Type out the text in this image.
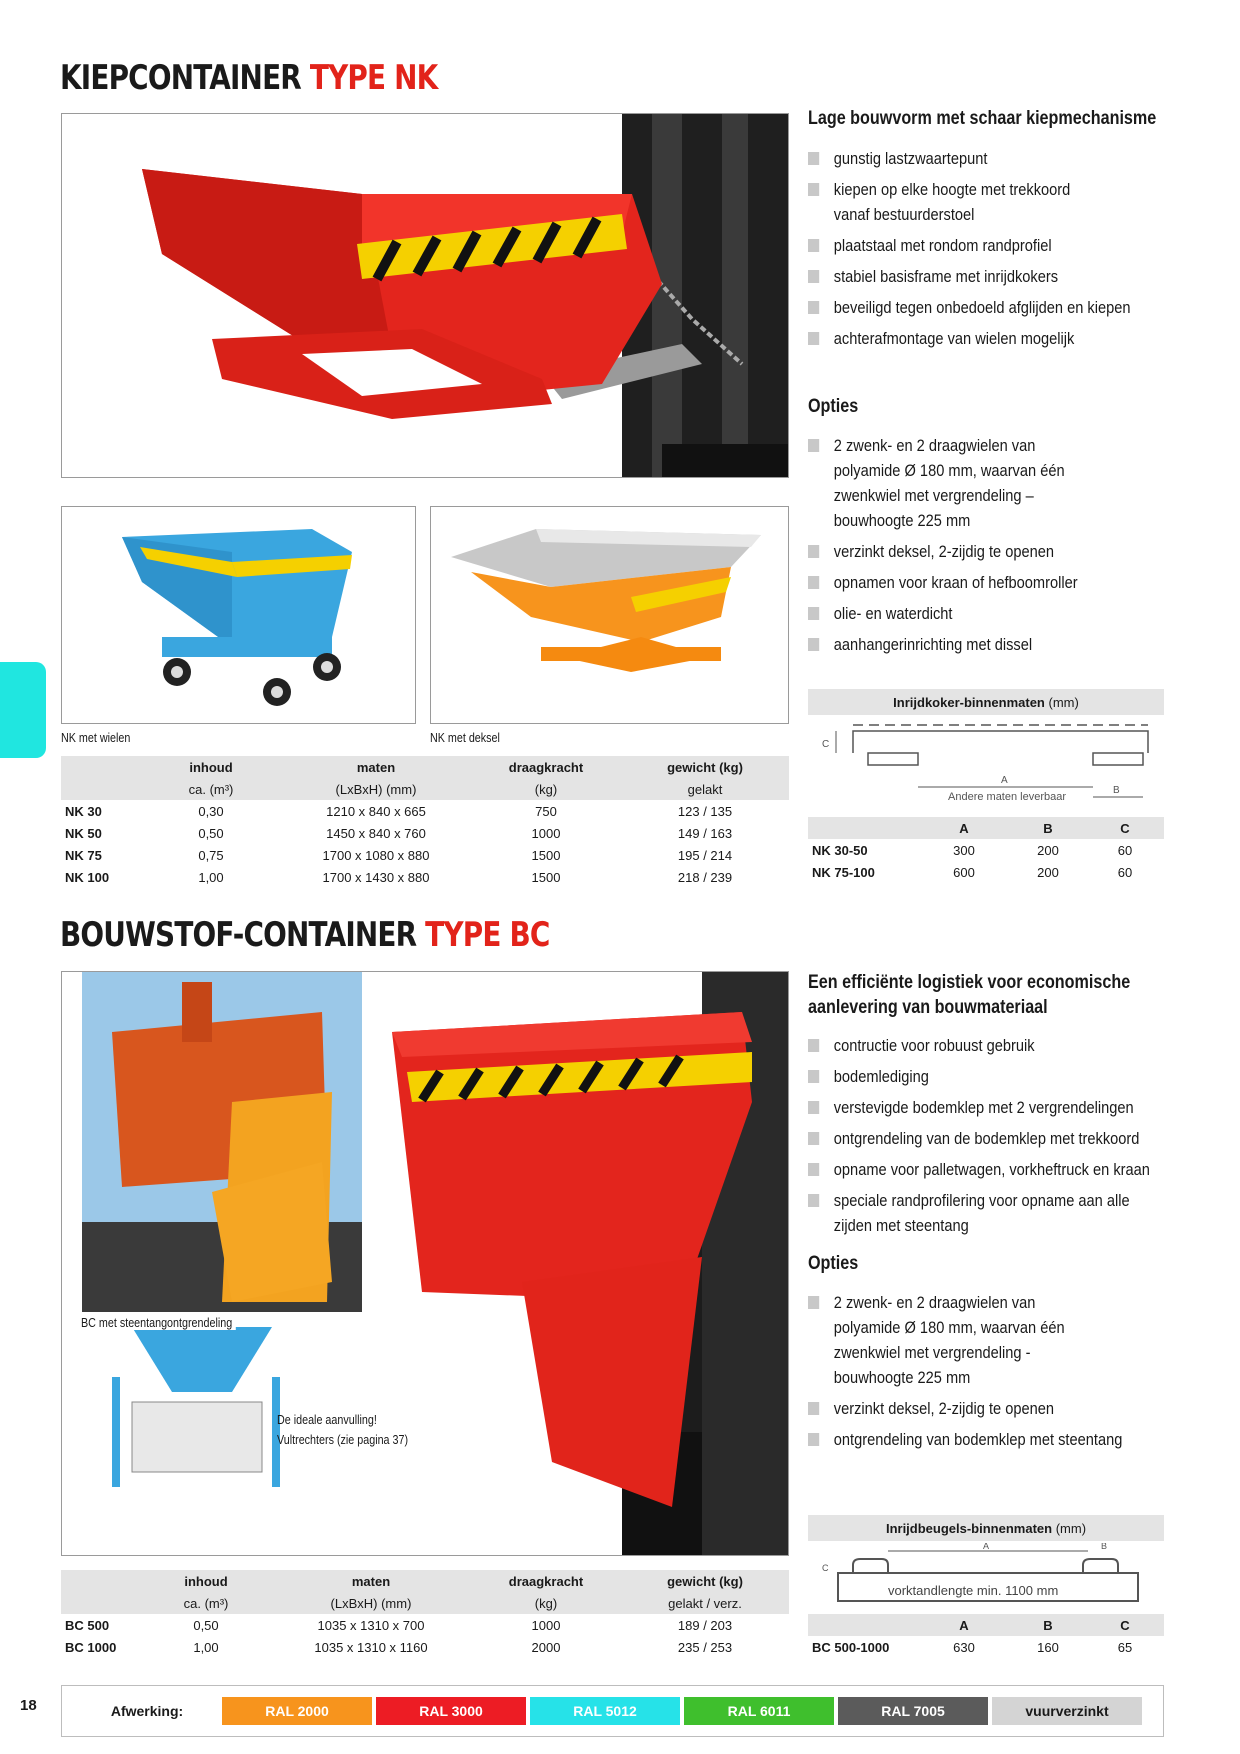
KIEPCONTAINER TYPE NK
NK met wielen	NK met deksel
	inhoud	maten	draagkracht	gewicht (kg)
	ca. (m³)	(LxBxH) (mm)	(kg)	gelakt
NK 30	0,30	1210 x 840 x 665	750	123 / 135
NK 50	0,50	1450 x 840 x 760	1000	149 / 163
NK 75	0,75	1700 x 1080 x 880	1500	195 / 214
NK 100	1,00	1700 x 1430 x 880	1500	218 / 239
Lage bouwvorm met schaar kiepmechanisme
gunstig lastzwaartepunt
kiepen op elke hoogte met trekkoord vanaf bestuurderstoel
plaatstaal met rondom randprofiel
stabiel basisframe met inrijdkokers
beveiligd tegen onbedoeld afglijden en kiepen
achterafmontage van wielen mogelijk
Opties
2 zwenk- en 2 draagwielen van polyamide Ø 180 mm, waarvan één zwenkwiel met vergrendeling – bouwhoogte 225 mm
verzinkt deksel, 2-zijdig te openen
opnamen voor kraan of hefboomroller
olie- en waterdicht
aanhangerinrichting met dissel
Inrijdkoker-binnenmaten
(mm)
C
A
B
Andere maten leverbaar
	A	B	C
NK 30-50	300	200	60
NK 75-100	600	200	60
BOUWSTOF-CONTAINER TYPE BC
BC met steentangontgrendeling
De ideale aanvulling!
Vultrechters (zie pagina 37)
	inhoud	maten	draagkracht	gewicht (kg)
	ca. (m³)	(LxBxH) (mm)	(kg)	gelakt / verz.
BC 500	0,50	1035 x 1310 x 700	1000	189 / 203
BC 1000	1,00	1035 x 1310 x 1160	2000	235 / 253
Een efficiënte logistiek voor economische aanlevering van bouwmateriaal
contructie voor robuust gebruik
bodemlediging
verstevigde bodemklep met 2 vergrendelingen
ontgrendeling van de bodemklep met trekkoord
opname voor palletwagen, vorkheftruck en kraan
speciale randprofilering voor opname aan alle zijden met steentang
Opties
2 zwenk- en 2 draagwielen van polyamide Ø 180 mm, waarvan één zwenkwiel met vergrendeling - bouwhoogte 225 mm
verzinkt deksel, 2-zijdig te openen
ontgrendeling van bodemklep met steentang
Inrijdbeugels-binnenmaten
(mm)
A	B
C
vorktandlengte min. 1100 mm
	A	B	C
BC 500-1000	630	160	65
18	Afwerking:	RAL 2000	RAL 3000	RAL 5012	RAL 6011	RAL 7005	vuurverzinkt
